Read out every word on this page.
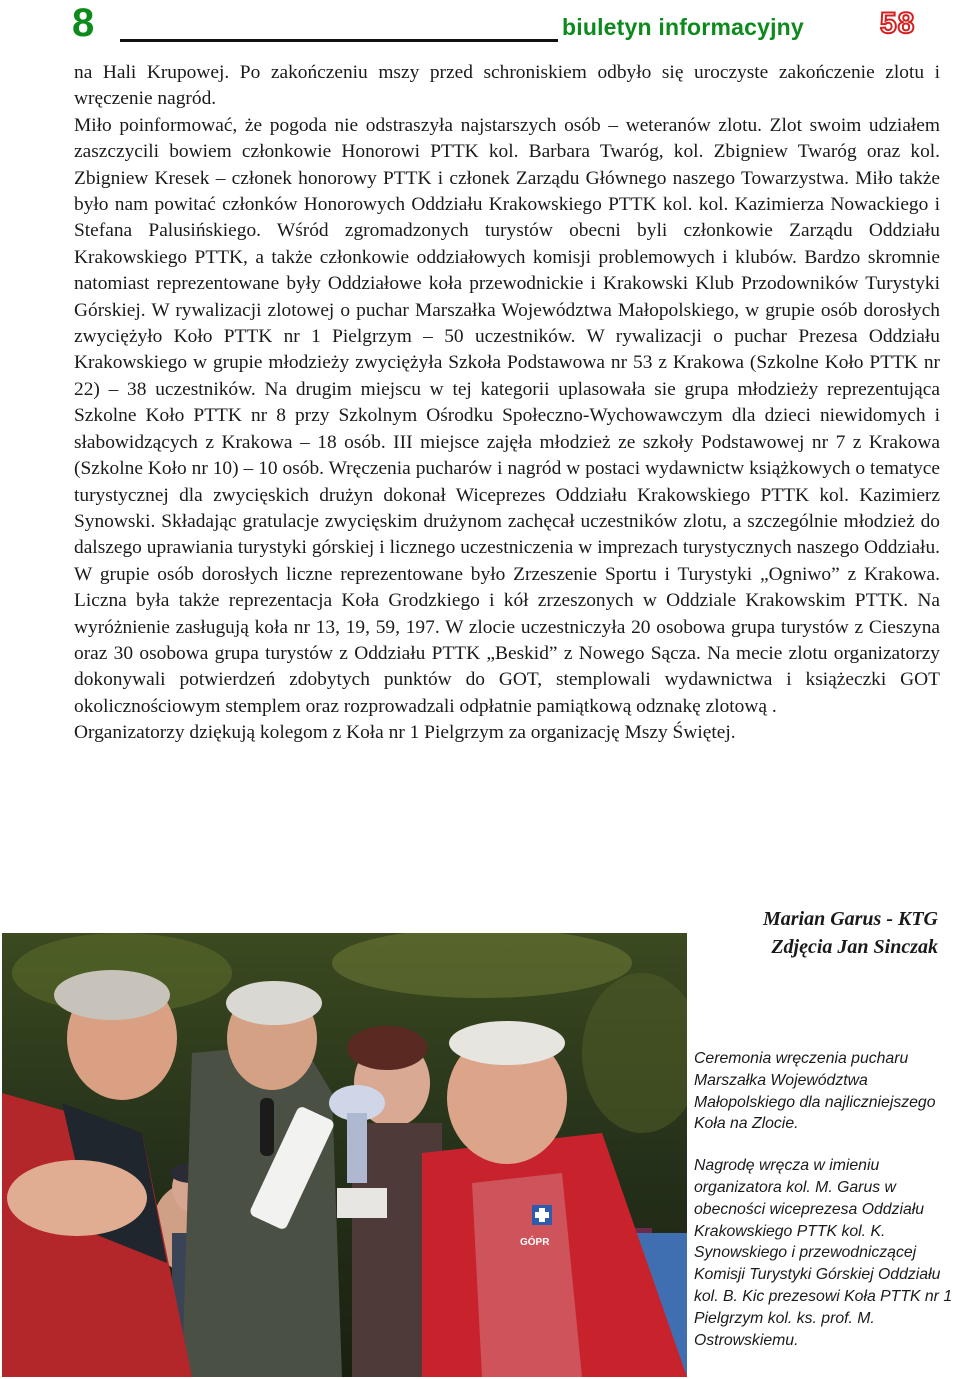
8	biuletyn informacyjny	58

na Hali Krupowej. Po zakończeniu mszy przed schroniskiem odbyło się uroczyste zakończenie zlotu i wręczenie nagród.

Miło poinformować, że pogoda nie odstraszyła najstarszych osób – weteranów zlotu. Zlot swoim udziałem zaszczycili bowiem członkowie Honorowi PTTK kol. Barbara Twaróg, kol. Zbigniew Twaróg oraz kol. Zbigniew Kresek – członek honorowy PTTK i członek Zarządu Głównego naszego Towarzystwa. Miło także było nam powitać członków Honorowych Oddziału Krakowskiego PTTK kol. kol. Kazimierza Nowackiego i Stefana Palusińskiego. Wśród zgromadzonych turystów obecni byli członkowie Zarządu Oddziału Krakowskiego PTTK, a także członkowie oddziałowych komisji problemowych i klubów. Bardzo skromnie natomiast reprezentowane były Oddziałowe koła przewodnickie i Krakowski Klub Przodowników Turystyki Górskiej. W rywalizacji zlotowej o puchar Marszałka Województwa Małopolskiego, w grupie osób dorosłych zwyciężyło Koło PTTK nr 1 Pielgrzym – 50 uczestników. W rywalizacji o puchar Prezesa Oddziału Krakowskiego w grupie młodzieży zwyciężyła Szkoła Podstawowa nr 53 z Krakowa (Szkolne Koło PTTK nr 22) – 38 uczestników. Na drugim miejscu w tej kategorii uplasowała sie grupa młodzieży reprezentująca Szkolne Koło PTTK nr 8 przy Szkolnym Ośrodku Społeczno-Wychowawczym dla dzieci niewidomych i słabowidzących z Krakowa – 18 osób. III miejsce zajęła młodzież ze szkoły Podstawowej nr 7 z Krakowa (Szkolne Koło nr 10) – 10 osób. Wręczenia pucharów i nagród w postaci wydawnictw książkowych o tematyce turystycznej dla zwycięskich drużyn dokonał Wiceprezes Oddziału Krakowskiego PTTK kol. Kazimierz Synowski. Składając gratulacje zwycięskim drużynom zachęcał uczestników zlotu, a szczególnie młodzież do dalszego uprawiania turystyki górskiej i licznego uczestniczenia w imprezach turystycznych naszego Oddziału. W grupie osób dorosłych liczne reprezentowane było Zrzeszenie Sportu i Turystyki „Ogniwo” z Krakowa. Liczna była także reprezentacja Koła Grodzkiego i kół zrzeszonych w Oddziale Krakowskim PTTK. Na wyróżnienie zasługują koła nr 13, 19, 59, 197. W zlocie uczestniczyła 20 osobowa grupa turystów z Cieszyna oraz 30 osobowa grupa turystów z Oddziału PTTK „Beskid” z Nowego Sącza. Na mecie zlotu organizatorzy dokonywali potwierdzeń zdobytych punktów do GOT, stemplowali wydawnictwa i książeczki GOT okolicznościowym stemplem oraz rozprowadzali odpłatnie pamiątkową odznakę zlotową .

Organizatorzy dziękują kolegom z Koła nr 1 Pielgrzym za organizację Mszy Świętej.

Marian Garus - KTG
Zdjęcia Jan Sinczak
GÓPR

Ceremonia wręczenia pucharu Marszałka Województwa Małopolskiego dla najliczniejszego Koła na Zlocie.

Nagrodę wręcza w imieniu organizatora kol. M. Garus w obecności wiceprezesa Oddziału Krakowskiego PTTK kol. K. Synowskiego i przewodniczącej Komisji Turystyki Górskiej Oddziału kol. B. Kic prezesowi Koła PTTK nr 1 Pielgrzym kol. ks. prof. M. Ostrowskiemu.
